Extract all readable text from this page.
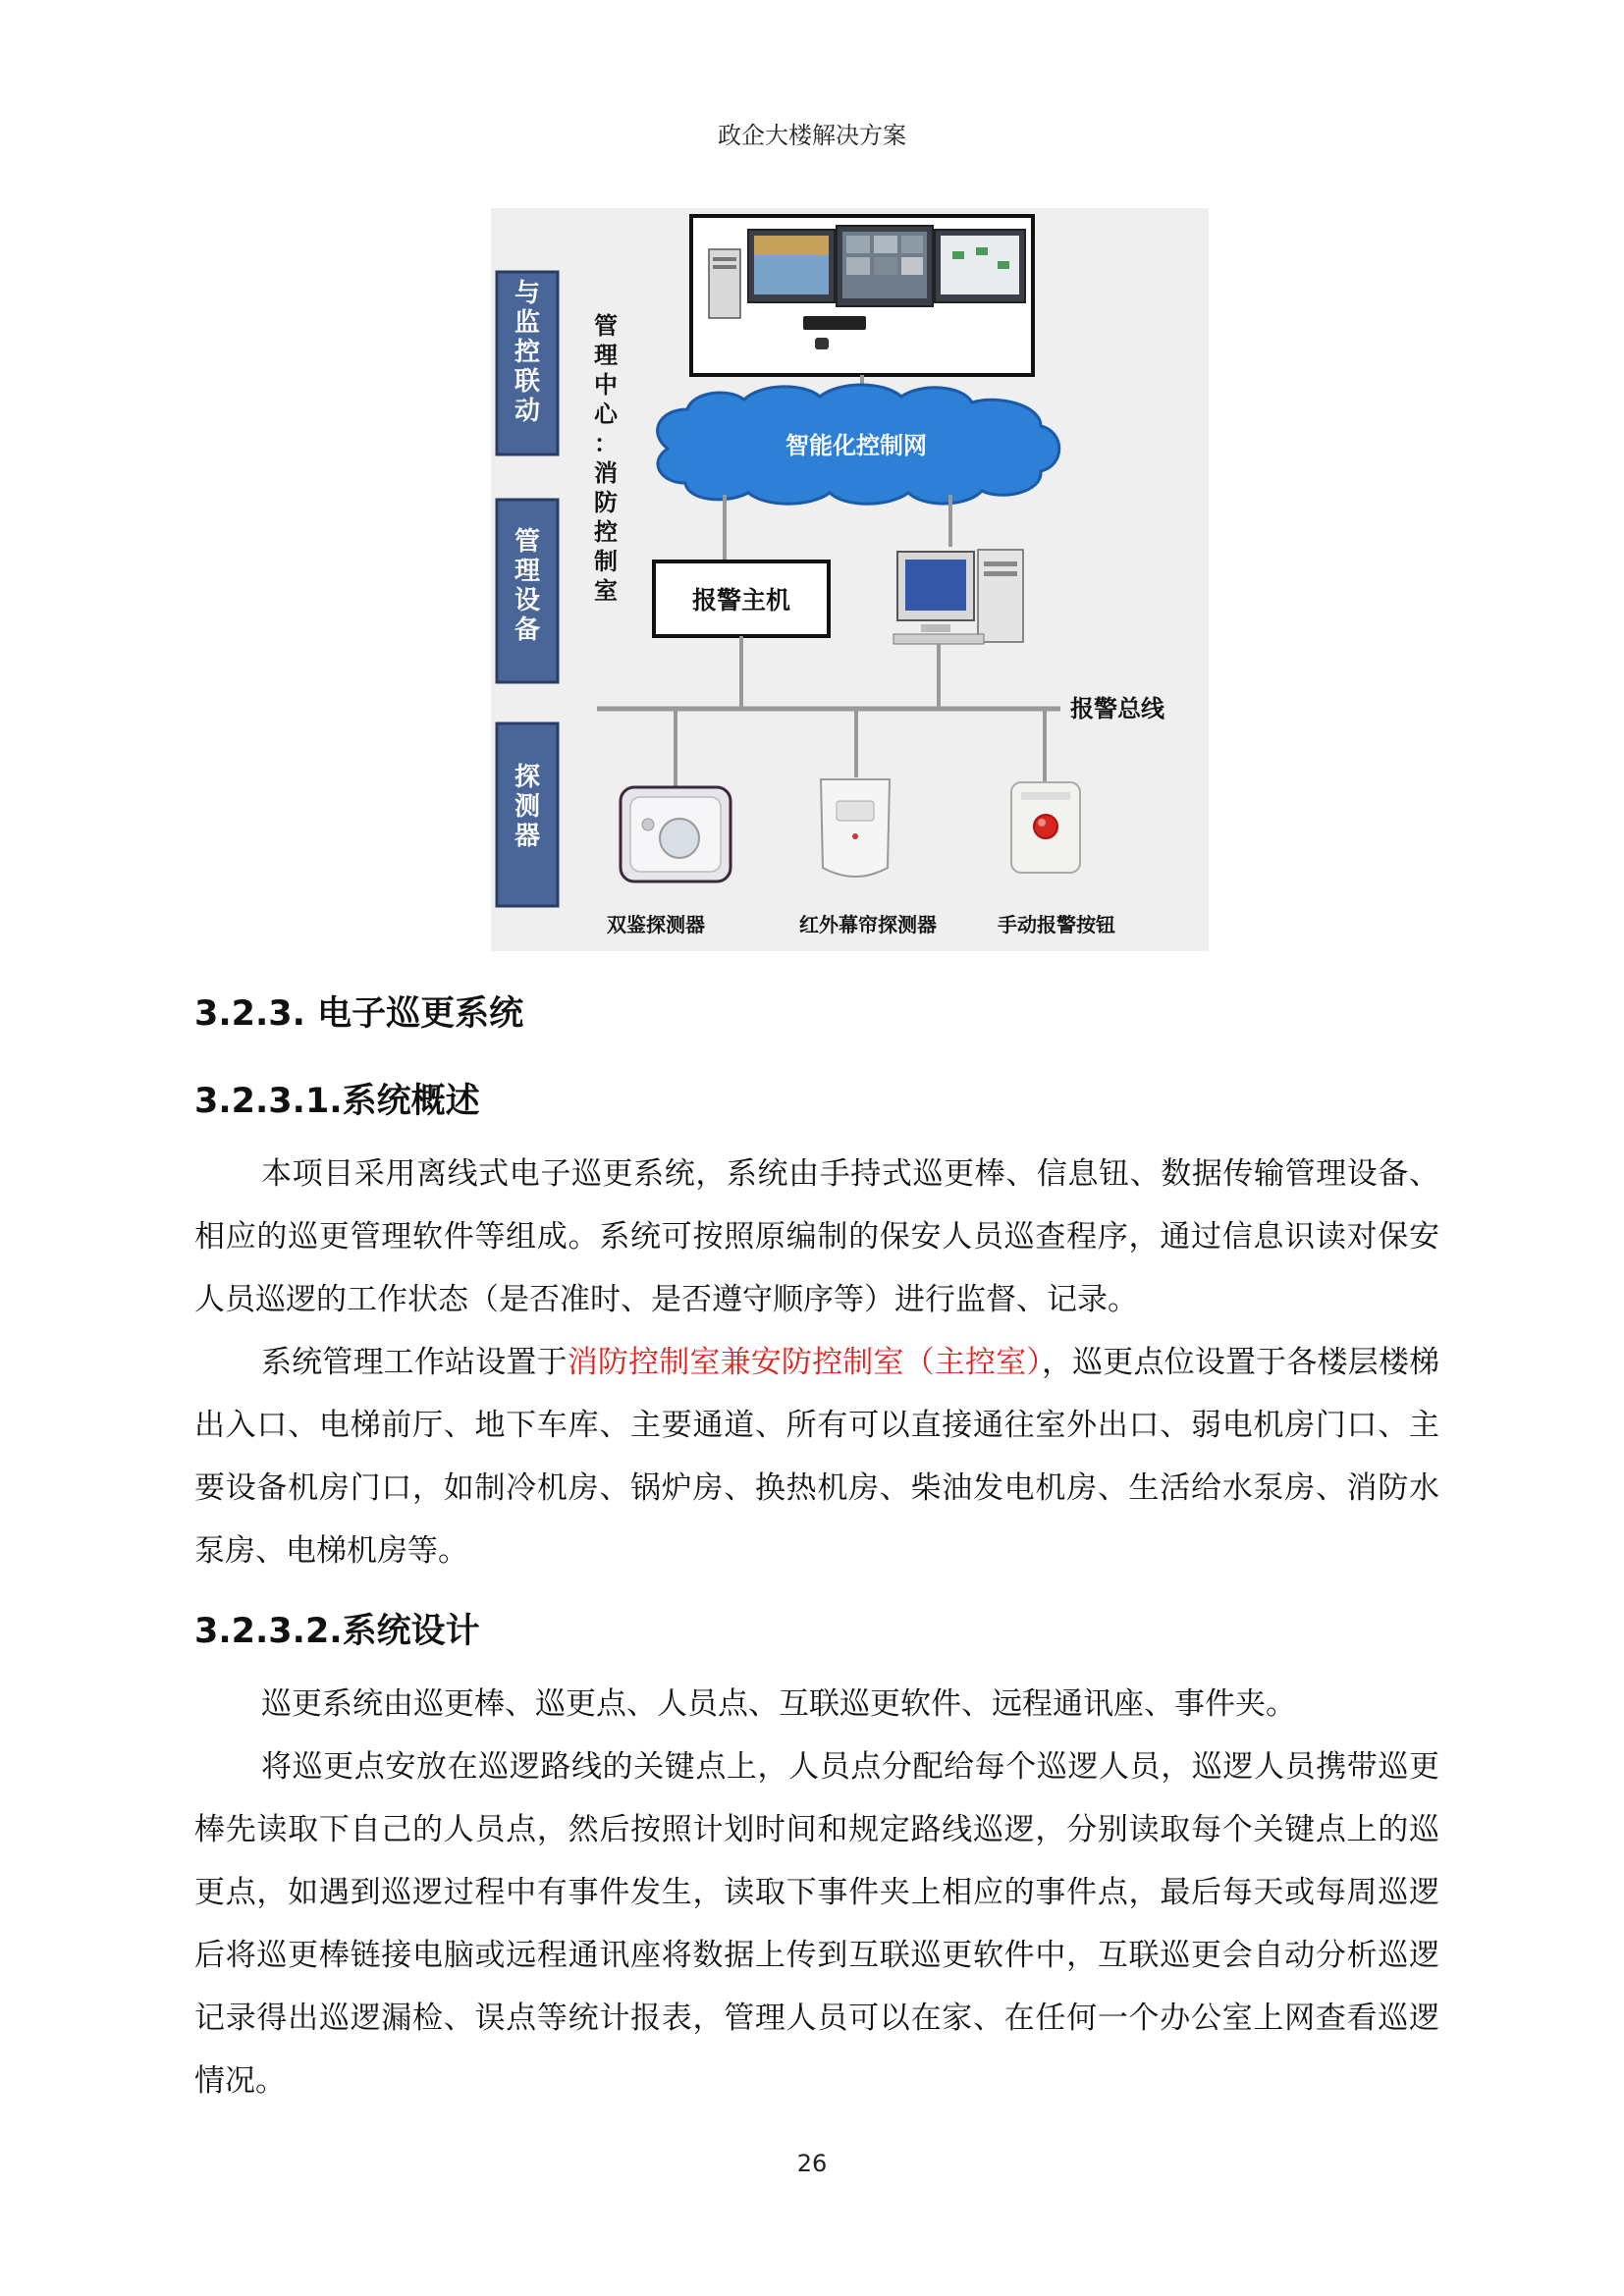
政企大楼解决方案
与监控联动
管理设备
探测器
管理中心：消防控制室
智能化控制网
报警主机
报警总线
双鉴探测器	红外幕帘探测器	手动报警按钮
3.2.3. 电子巡更系统
3.2.3.1.系统概述

本项目采用离线式电子巡更系统，系统由手持式巡更棒、信息钮、数据传输管理设备、相应的巡更管理软件等组成。系统可按照原编制的保安人员巡查程序，通过信息识读对保安人员巡逻的工作状态（是否准时、是否遵守顺序等）进行监督、记录。

系统管理工作站设置于消防控制室兼安防控制室（主控室），巡更点位设置于各楼层楼梯出入口、电梯前厅、地下车库、主要通道、所有可以直接通往室外出口、弱电机房门口、主要设备机房门口，如制冷机房、锅炉房、换热机房、柴油发电机房、生活给水泵房、消防水泵房、电梯机房等。

3.2.3.2.系统设计

巡更系统由巡更棒、巡更点、人员点、互联巡更软件、远程通讯座、事件夹。

将巡更点安放在巡逻路线的关键点上，人员点分配给每个巡逻人员，巡逻人员携带巡更棒先读取下自己的人员点，然后按照计划时间和规定路线巡逻，分别读取每个关键点上的巡更点，如遇到巡逻过程中有事件发生，读取下事件夹上相应的事件点，最后每天或每周巡逻后将巡更棒链接电脑或远程通讯座将数据上传到互联巡更软件中，互联巡更会自动分析巡逻记录得出巡逻漏检、误点等统计报表，管理人员可以在家、在任何一个办公室上网查看巡逻情况。

26
